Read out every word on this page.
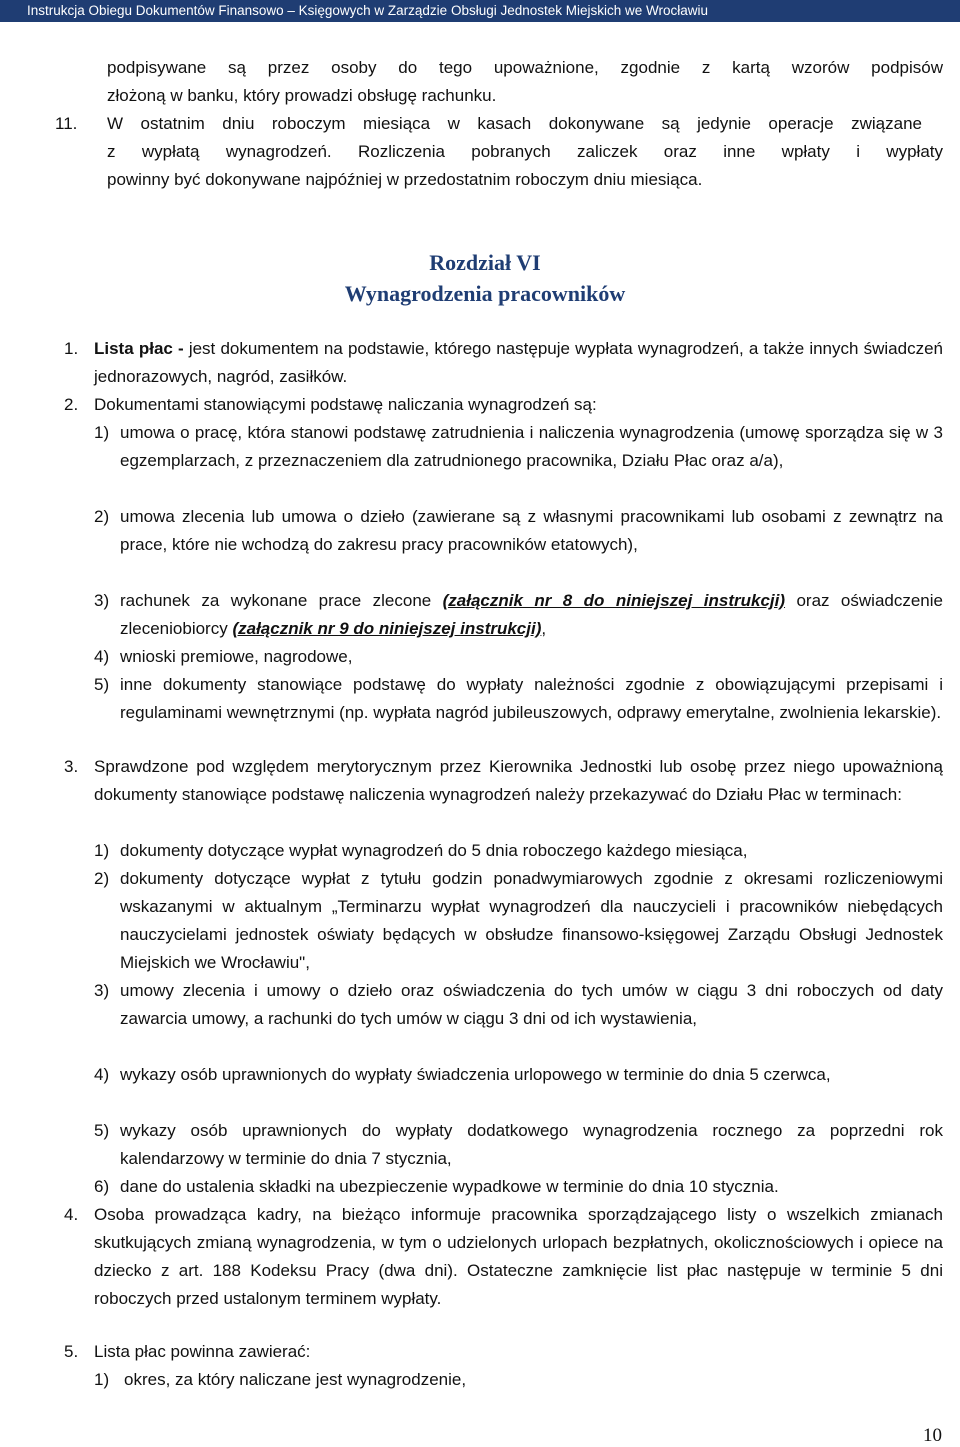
Instrukcja Obiegu Dokumentów Finansowo – Księgowych w Zarządzie Obsługi Jednostek Miejskich we Wrocławiu
podpisywane są przez osoby do tego upoważnione, zgodnie z kartą wzorów podpisów
złożoną w banku, który prowadzi obsługę rachunku.
11. W ostatnim dniu roboczym miesiąca w kasach dokonywane są jedynie operacje związane
z wypłatą wynagrodzeń. Rozliczenia pobranych zaliczek oraz inne wpłaty i wypłaty
powinny być dokonywane najpóźniej w przedostatnim roboczym dniu miesiąca.
Rozdział VI
Wynagrodzenia pracowników
1. Lista płac - jest dokumentem na podstawie, którego następuje wypłata wynagrodzeń, a także innych świadczeń jednorazowych, nagród, zasiłków.
2. Dokumentami stanowiącymi podstawę naliczania wynagrodzeń są:
1) umowa o pracę, która stanowi podstawę zatrudnienia i naliczenia wynagrodzenia (umowę sporządza się w 3 egzemplarzach, z przeznaczeniem dla zatrudnionego pracownika, Działu Płac oraz a/a),
2) umowa zlecenia lub umowa o dzieło (zawierane są z własnymi pracownikami lub osobami z zewnątrz na prace, które nie wchodzą do zakresu pracy pracowników etatowych),
3) rachunek za wykonane prace zlecone (załącznik nr 8 do niniejszej instrukcji) oraz oświadczenie zleceniobiorcy (załącznik nr 9 do niniejszej instrukcji),
4) wnioski premiowe, nagrodowe,
5) inne dokumenty stanowiące podstawę do wypłaty należności zgodnie z obowiązującymi przepisami i regulaminami wewnętrznymi (np. wypłata nagród jubileuszowych, odprawy emerytalne, zwolnienia lekarskie).
3. Sprawdzone pod względem merytorycznym przez Kierownika Jednostki lub osobę przez niego upoważnioną dokumenty stanowiące podstawę naliczenia wynagrodzeń należy przekazywać do Działu Płac w terminach:
1) dokumenty dotyczące wypłat wynagrodzeń do 5 dnia roboczego każdego miesiąca,
2) dokumenty dotyczące wypłat z tytułu godzin ponadwymiarowych zgodnie z okresami rozliczeniowymi wskazanymi w aktualnym „Terminarzu wypłat wynagrodzeń dla nauczycieli i pracowników niebędących nauczycielami jednostek oświaty będących w obsłudze finansowo-księgowej Zarządu Obsługi Jednostek Miejskich we Wrocławiu",
3) umowy zlecenia i umowy o dzieło oraz oświadczenia do tych umów w ciągu 3 dni roboczych od daty zawarcia umowy, a rachunki do tych umów w ciągu 3 dni od ich wystawienia,
4) wykazy osób uprawnionych do wypłaty świadczenia urlopowego w terminie do dnia 5 czerwca,
5) wykazy osób uprawnionych do wypłaty dodatkowego wynagrodzenia rocznego za poprzedni rok kalendarzowy w terminie do dnia 7 stycznia,
6) dane do ustalenia składki na ubezpieczenie wypadkowe w terminie do dnia 10 stycznia.
4. Osoba prowadząca kadry, na bieżąco informuje pracownika sporządzającego listy o wszelkich zmianach skutkujących zmianą wynagrodzenia, w tym o udzielonych urlopach bezpłatnych, okolicznościowych i opiece na dziecko z art. 188 Kodeksu Pracy (dwa dni). Ostateczne zamknięcie list płac następuje w terminie 5 dni roboczych przed ustalonym terminem wypłaty.
5. Lista płac powinna zawierać:
1) okres, za który naliczane jest wynagrodzenie,
10
